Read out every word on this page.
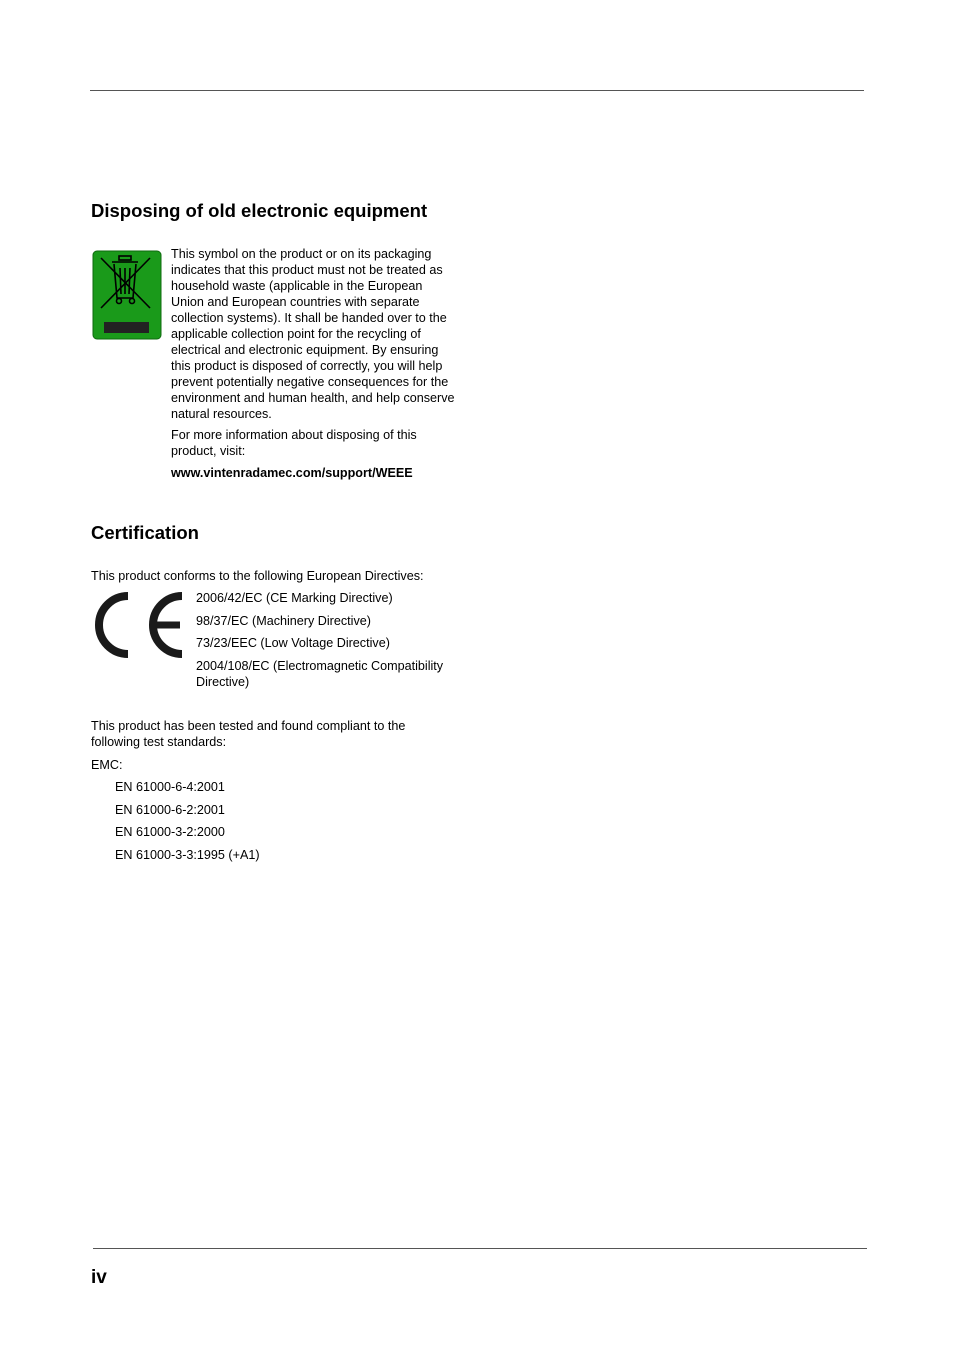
Disposing of old electronic equipment

This symbol on the product or on its packaging indicates that this product must not be treated as household waste (applicable in the European Union and European countries with separate collection systems). It shall be handed over to the applicable collection point for the recycling of electrical and electronic equipment. By ensuring this product is disposed of correctly, you will help prevent potentially negative consequences for the environment and human health, and help conserve natural resources.

For more information about disposing of this product, visit:

www.vintenradamec.com/support/WEEE

Certification
This product conforms to the following European Directives:
2006/42/EC (CE Marking Directive)
98/37/EC (Machinery Directive)
73/23/EEC (Low Voltage Directive)
2004/108/EC (Electromagnetic Compatibility Directive)
This product has been tested and found compliant to the following test standards:
EMC:
EN 61000-6-4:2001
EN 61000-6-2:2001
EN 61000-3-2:2000
EN 61000-3-3:1995 (+A1)
iv
